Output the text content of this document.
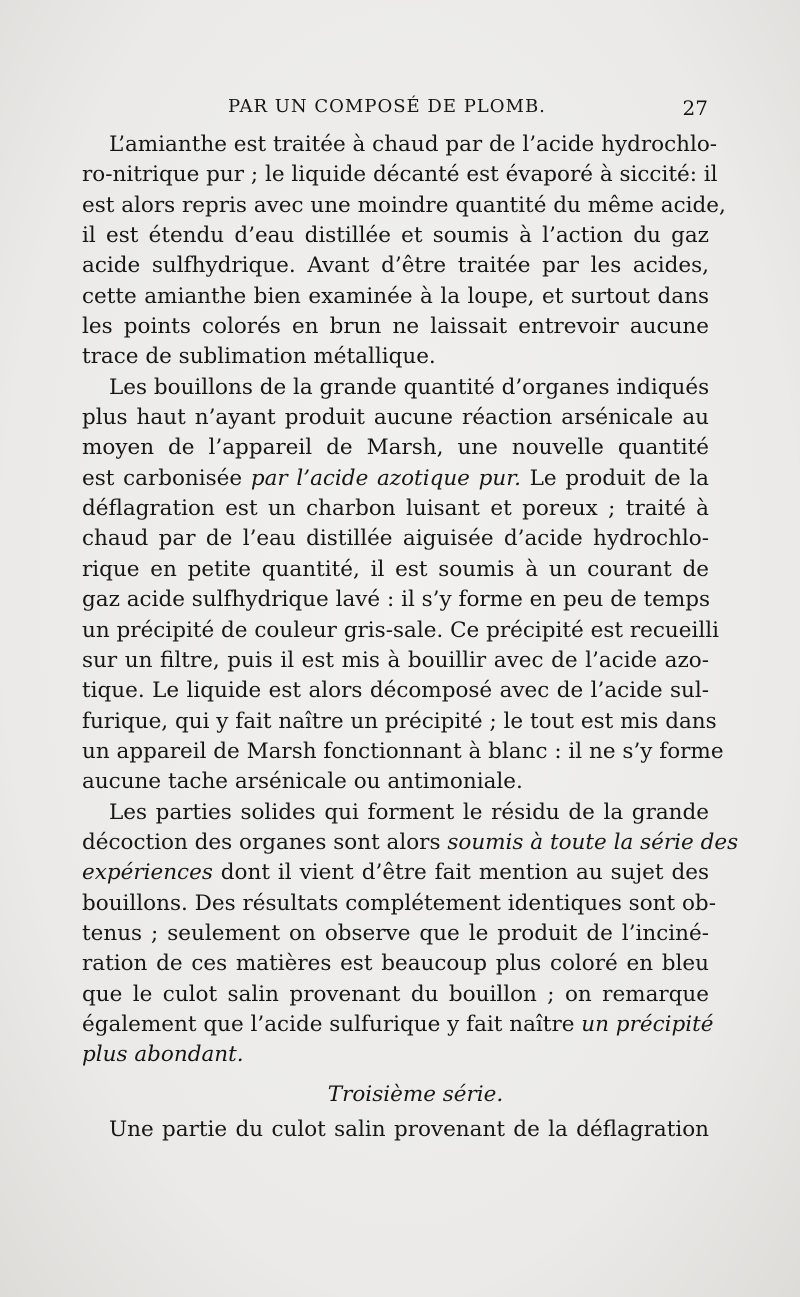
PAR UN COMPOSÉ DE PLOMB.	27
L’amianthe est traitée à chaud par de l’acide hydrochlo-
ro-nitrique pur ; le liquide décanté est évaporé à siccité: il
est alors repris avec une moindre quantité du même acide,
il est étendu d’eau distillée et soumis à l’action du gaz
acide sulfhydrique. Avant d’être traitée par les acides,
cette amianthe bien examinée à la loupe, et surtout dans
les points colorés en brun ne laissait entrevoir aucune
trace de sublimation métallique.
Les bouillons de la grande quantité d’organes indiqués
plus haut n’ayant produit aucune réaction arsénicale au
moyen de l’appareil de Marsh, une nouvelle quantité
est carbonisée par l’acide azotique pur. Le produit de la
déflagration est un charbon luisant et poreux ; traité à
chaud par de l’eau distillée aiguisée d’acide hydrochlo-
rique en petite quantité, il est soumis à un courant de
gaz acide sulfhydrique lavé : il s’y forme en peu de temps
un précipité de couleur gris-sale. Ce précipité est recueilli
sur un filtre, puis il est mis à bouillir avec de l’acide azo-
tique. Le liquide est alors décomposé avec de l’acide sul-
furique, qui y fait naître un précipité ; le tout est mis dans
un appareil de Marsh fonctionnant à blanc : il ne s’y forme
aucune tache arsénicale ou antimoniale.
Les parties solides qui forment le résidu de la grande
décoction des organes sont alors soumis à toute la série des
expériences dont il vient d’être fait mention au sujet des
bouillons. Des résultats complétement identiques sont ob-
tenus ; seulement on observe que le produit de l’inciné-
ration de ces matières est beaucoup plus coloré en bleu
que le culot salin provenant du bouillon ; on remarque
également que l’acide sulfurique y fait naître un précipité
plus abondant.
Troisième série.
Une partie du culot salin provenant de la déflagration
